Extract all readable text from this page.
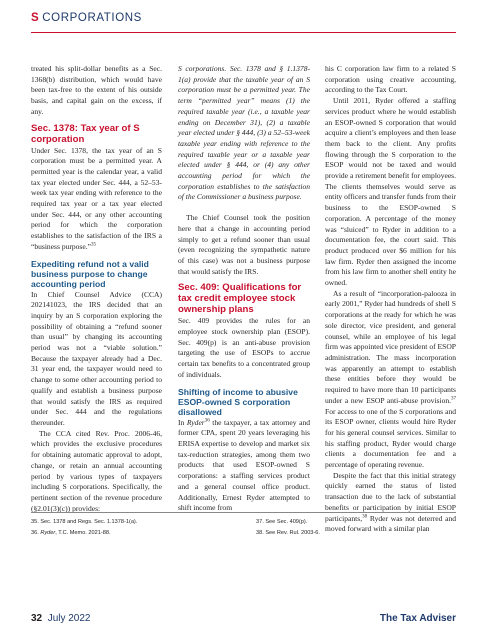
S CORPORATIONS

treated his split-dollar benefits as a Sec. 1368(b) distribution, which would have been tax-free to the extent of his outside basis, and capital gain on the excess, if any.

Sec. 1378: Tax year of S corporation

Under Sec. 1378, the tax year of an S corporation must be a permitted year. A permitted year is the calendar year, a valid tax year elected under Sec. 444, a 52–53-week tax year ending with reference to the required tax year or a tax year elected under Sec. 444, or any other accounting period for which the corporation establishes to the satisfaction of the IRS a “business purpose.”$^{35}$

Expediting refund not a valid business purpose to change accounting period

In Chief Counsel Advice (CCA) 202141023, the IRS decided that an inquiry by an S corporation exploring the possibility of obtaining a “refund sooner than usual” by changing its accounting period was not a “viable solution.” Because the taxpayer already had a Dec. 31 year end, the taxpayer would need to change to some other accounting period to qualify and establish a business purpose that would satisfy the IRS as required under Sec. 444 and the regulations thereunder.

The CCA cited Rev. Proc. 2006-46, which provides the exclusive procedures for obtaining automatic approval to adopt, change, or retain an annual accounting period by various types of taxpayers including S corporations. Specifically, the pertinent section of the revenue procedure (§2.01(3)(c)) provides:

S corporations. Sec. 1378 and § 1.1378-1(a) provide that the taxable year of an S corporation must be a permitted year. The term “permitted year” means (1) the required taxable year (i.e., a taxable year ending on December 31), (2) a taxable year elected under § 444, (3) a 52–53-week taxable year ending with reference to the required taxable year or a taxable year elected under § 444, or (4) any other accounting period for which the corporation establishes to the satisfaction of the Commissioner a business purpose.

The Chief Counsel took the position here that a change in accounting period simply to get a refund sooner than usual (even recognizing the sympathetic nature of this case) was not a business purpose that would satisfy the IRS.

Sec. 409: Qualifications for tax credit employee stock ownership plans

Sec. 409 provides the rules for an employee stock ownership plan (ESOP). Sec. 409(p) is an anti-abuse provision targeting the use of ESOPs to accrue certain tax benefits to a concentrated group of individuals.

Shifting of income to abusive ESOP-owned S corporation disallowed

In Ryder$^{36}$ the taxpayer, a tax attorney and former CPA, spent 20 years leveraging his ERISA expertise to develop and market six tax-reduction strategies, among them two products that used ESOP-owned S corporations: a staffing services product and a general counsel office product. Additionally, Ernest Ryder attempted to shift income from

his C corporation law firm to a related S corporation using creative accounting, according to the Tax Court.

Until 2011, Ryder offered a staffing services product where he would establish an ESOP-owned S corporation that would acquire a client’s employees and then lease them back to the client. Any profits flowing through the S corporation to the ESOP would not be taxed and would provide a retirement benefit for employees. The clients themselves would serve as entity officers and transfer funds from their business to the ESOP-owned S corporation. A percentage of the money was “sluiced” to Ryder in addition to a documentation fee, the court said. This product produced over $6 million for his law firm. Ryder then assigned the income from his law firm to another shell entity he owned.

As a result of “incorporation-palooza in early 2001,” Ryder had hundreds of shell S corporations at the ready for which he was sole director, vice president, and general counsel, while an employee of his legal firm was appointed vice president of ESOP administration. The mass incorporation was apparently an attempt to establish these entities before they would be required to have more than 10 participants under a new ESOP anti-abuse provision.$^{37}$ For access to one of the S corporations and its ESOP owner, clients would hire Ryder for his general counsel services. Similar to his staffing product, Ryder would charge clients a documentation fee and a percentage of operating revenue.

Despite the fact that this initial strategy quickly earned the status of listed transaction due to the lack of substantial benefits or participation by initial ESOP participants,$^{38}$ Ryder was not deterred and moved forward with a similar plan

35. Sec. 1378 and Regs. Sec. 1.1378-1(a).
36. Ryder, T.C. Memo. 2021-88.
37. See Sec. 409(p).
38. See Rev. Rul. 2003-6.
32 July 2022	The Tax Adviser
